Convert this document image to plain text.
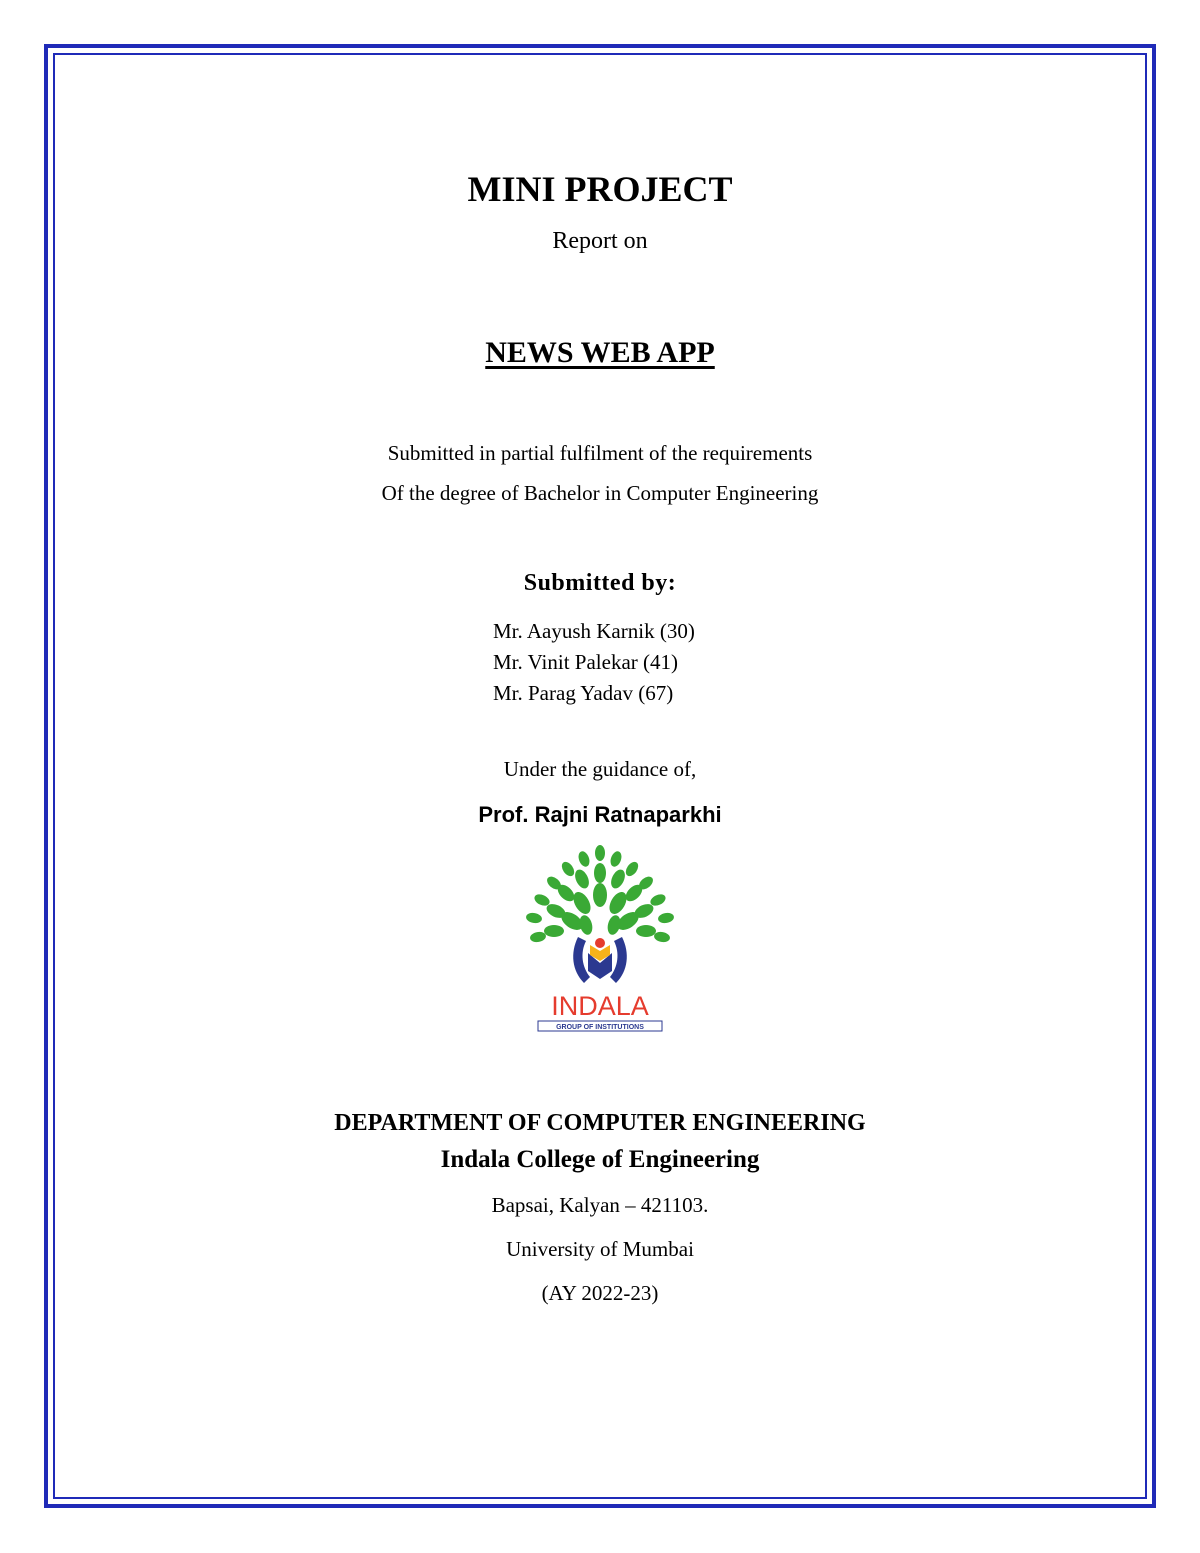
MINI PROJECT
Report on
NEWS WEB APP
Submitted in partial fulfilment of the requirements
Of the degree of Bachelor in Computer Engineering
Submitted by:
Mr. Aayush Karnik (30)
Mr. Vinit Palekar (41)
Mr. Parag Yadav (67)
Under the guidance of,
Prof. Rajni Ratnaparkhi
INDALA
GROUP OF INSTITUTIONS
DEPARTMENT OF COMPUTER ENGINEERING
Indala College of Engineering
Bapsai, Kalyan – 421103.
University of Mumbai
(AY 2022-23)
